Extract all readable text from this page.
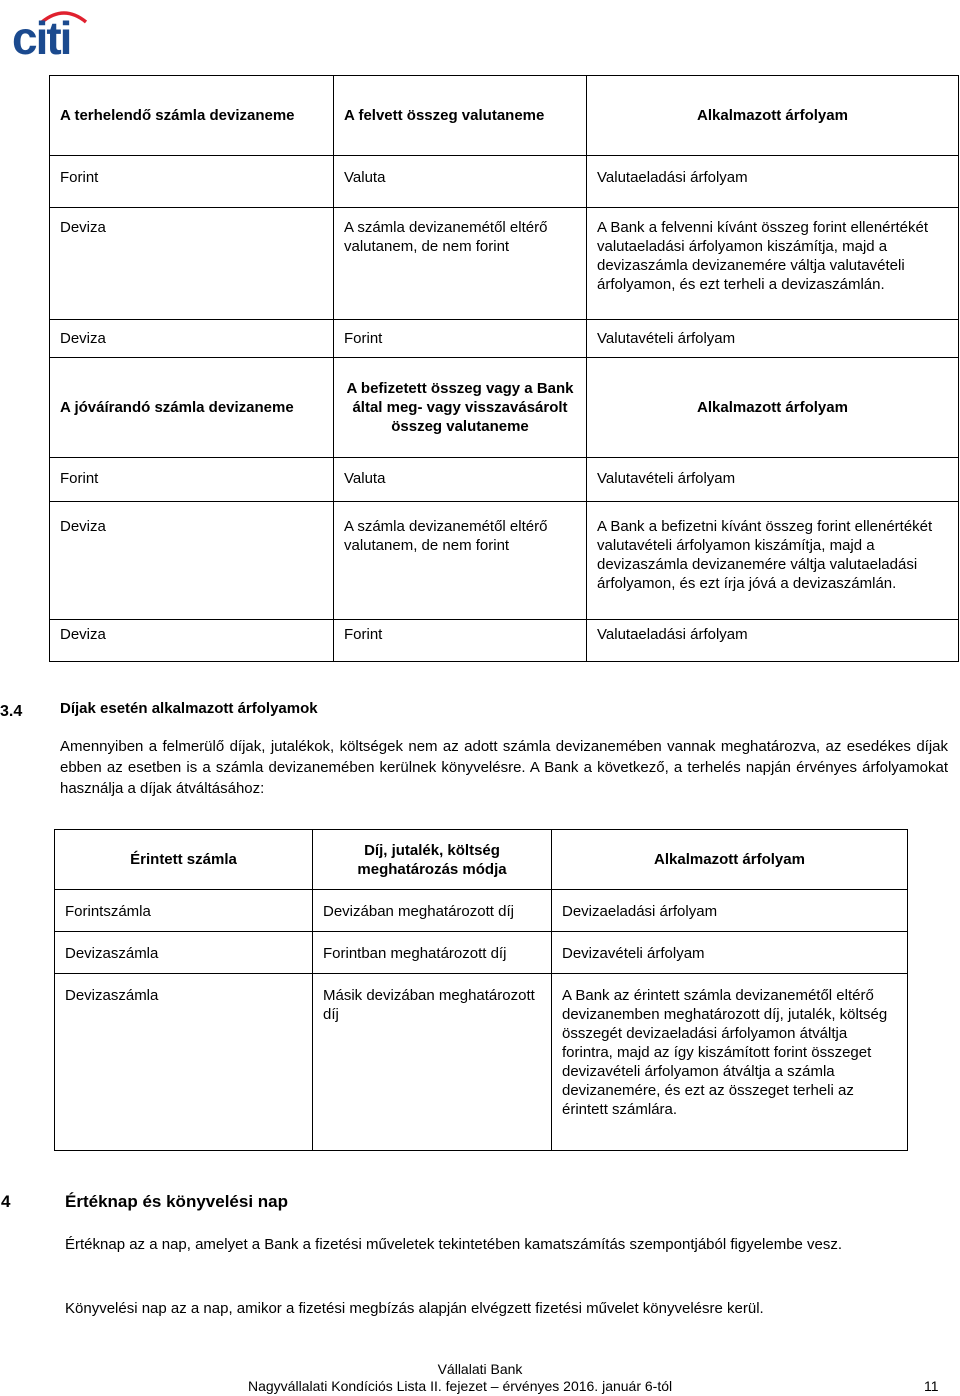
citi
A terhelendő számla devizaneme	A felvett összeg valutaneme	Alkalmazott árfolyam
Forint	Valuta	Valutaeladási árfolyam
Deviza	A számla devizanemétől eltérő valutanem, de nem forint	A Bank a felvenni kívánt összeg forint ellenértékét valutaeladási árfolyamon kiszámítja, majd a devizaszámla devizanemére váltja valutavételi árfolyamon, és ezt terheli a devizaszámlán.
Deviza	Forint	Valutavételi árfolyam
A jóváírandó számla devizaneme	A befizetett összeg vagy a Bank által meg- vagy visszavásárolt összeg valutaneme	Alkalmazott árfolyam
Forint	Valuta	Valutavételi árfolyam
Deviza	A számla devizanemétől eltérő valutanem, de nem forint	A Bank a befizetni kívánt összeg forint ellenértékét valutavételi árfolyamon kiszámítja, majd a devizaszámla devizanemére váltja valutaeladási árfolyamon, és ezt írja jóvá a devizaszámlán.
Deviza	Forint	Valutaeladási árfolyam
3.4	Díjak esetén alkalmazott árfolyamok
Amennyiben a felmerülő díjak, jutalékok, költségek nem az adott számla devizanemében vannak meghatározva, az esedékes díjak ebben az esetben is a számla devizanemében kerülnek könyvelésre. A Bank a következő, a terhelés napján érvényes árfolyamokat használja a díjak átváltásához:
Érintett számla	Díj, jutalék, költség meghatározás módja	Alkalmazott árfolyam
Forintszámla	Devizában meghatározott díj	Devizaeladási árfolyam
Devizaszámla	Forintban meghatározott díj	Devizavételi árfolyam
Devizaszámla	Másik devizában meghatározott díj	A Bank az érintett számla devizanemétől eltérő devizanemben meghatározott díj, jutalék, költség összegét devizaeladási árfolyamon átváltja forintra, majd az így kiszámított forint összeget devizavételi árfolyamon átváltja a számla devizanemére, és ezt az összeget terheli az érintett számlára.
4	Értéknap és könyvelési nap
Értéknap az a nap, amelyet a Bank a fizetési műveletek tekintetében kamatszámítás szempontjából figyelembe vesz.
Könyvelési nap az a nap, amikor a fizetési megbízás alapján elvégzett fizetési művelet könyvelésre kerül.
Vállalati Bank
Nagyvállalati Kondíciós Lista II. fejezet – érvényes 2016. január 6-tól	11
